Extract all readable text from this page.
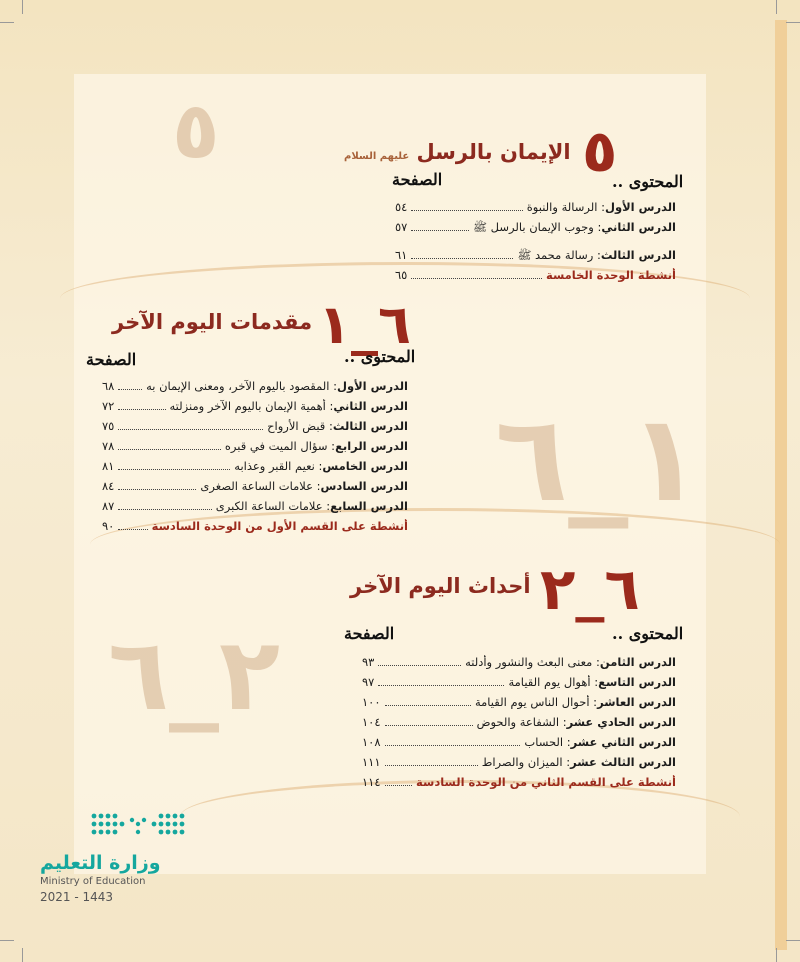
٥
١_٦
٢_٦
٥
الإيمان بالرسل عليهم السلام
المحتوى ..
الصفحة
الدرس الأول: الرسالة والنبوة
٥٤
الدرس الثاني: وجوب الإيمان بالرسل ﷺ
٥٧
الدرس الثالث: رسالة محمد ﷺ
٦١
أنشطة الوحدة الخامسة
٦٥
٦_١
مقدمات اليوم الآخر
المحتوى ..
الصفحة
الدرس الأول: المقصود باليوم الآخر، ومعنى الإيمان به
٦٨
الدرس الثاني: أهمية الإيمان باليوم الآخر ومنزلته
٧٢
الدرس الثالث: قبض الأرواح
٧٥
الدرس الرابع: سؤال الميت في قبره
٧٨
الدرس الخامس: نعيم القبر وعذابه
٨١
الدرس السادس: علامات الساعة الصغرى
٨٤
الدرس السابع: علامات الساعة الكبرى
٨٧
أنشطة على القسم الأول من الوحدة السادسة
٩٠
٦_٢
أحداث اليوم الآخر
المحتوى ..
الصفحة
الدرس الثامن: معنى البعث والنشور وأدلته
٩٣
الدرس التاسع: أهوال يوم القيامة
٩٧
الدرس العاشر: أحوال الناس يوم القيامة
١٠٠
الدرس الحادي عشر: الشفاعة والحوض
١٠٤
الدرس الثاني عشر: الحساب
١٠٨
الدرس الثالث عشر: الميزان والصراط
١١١
أنشطة على القسم الثاني من الوحدة السادسة
١١٤
وزارة التعليم
Ministry of Education
2021 - 1443
